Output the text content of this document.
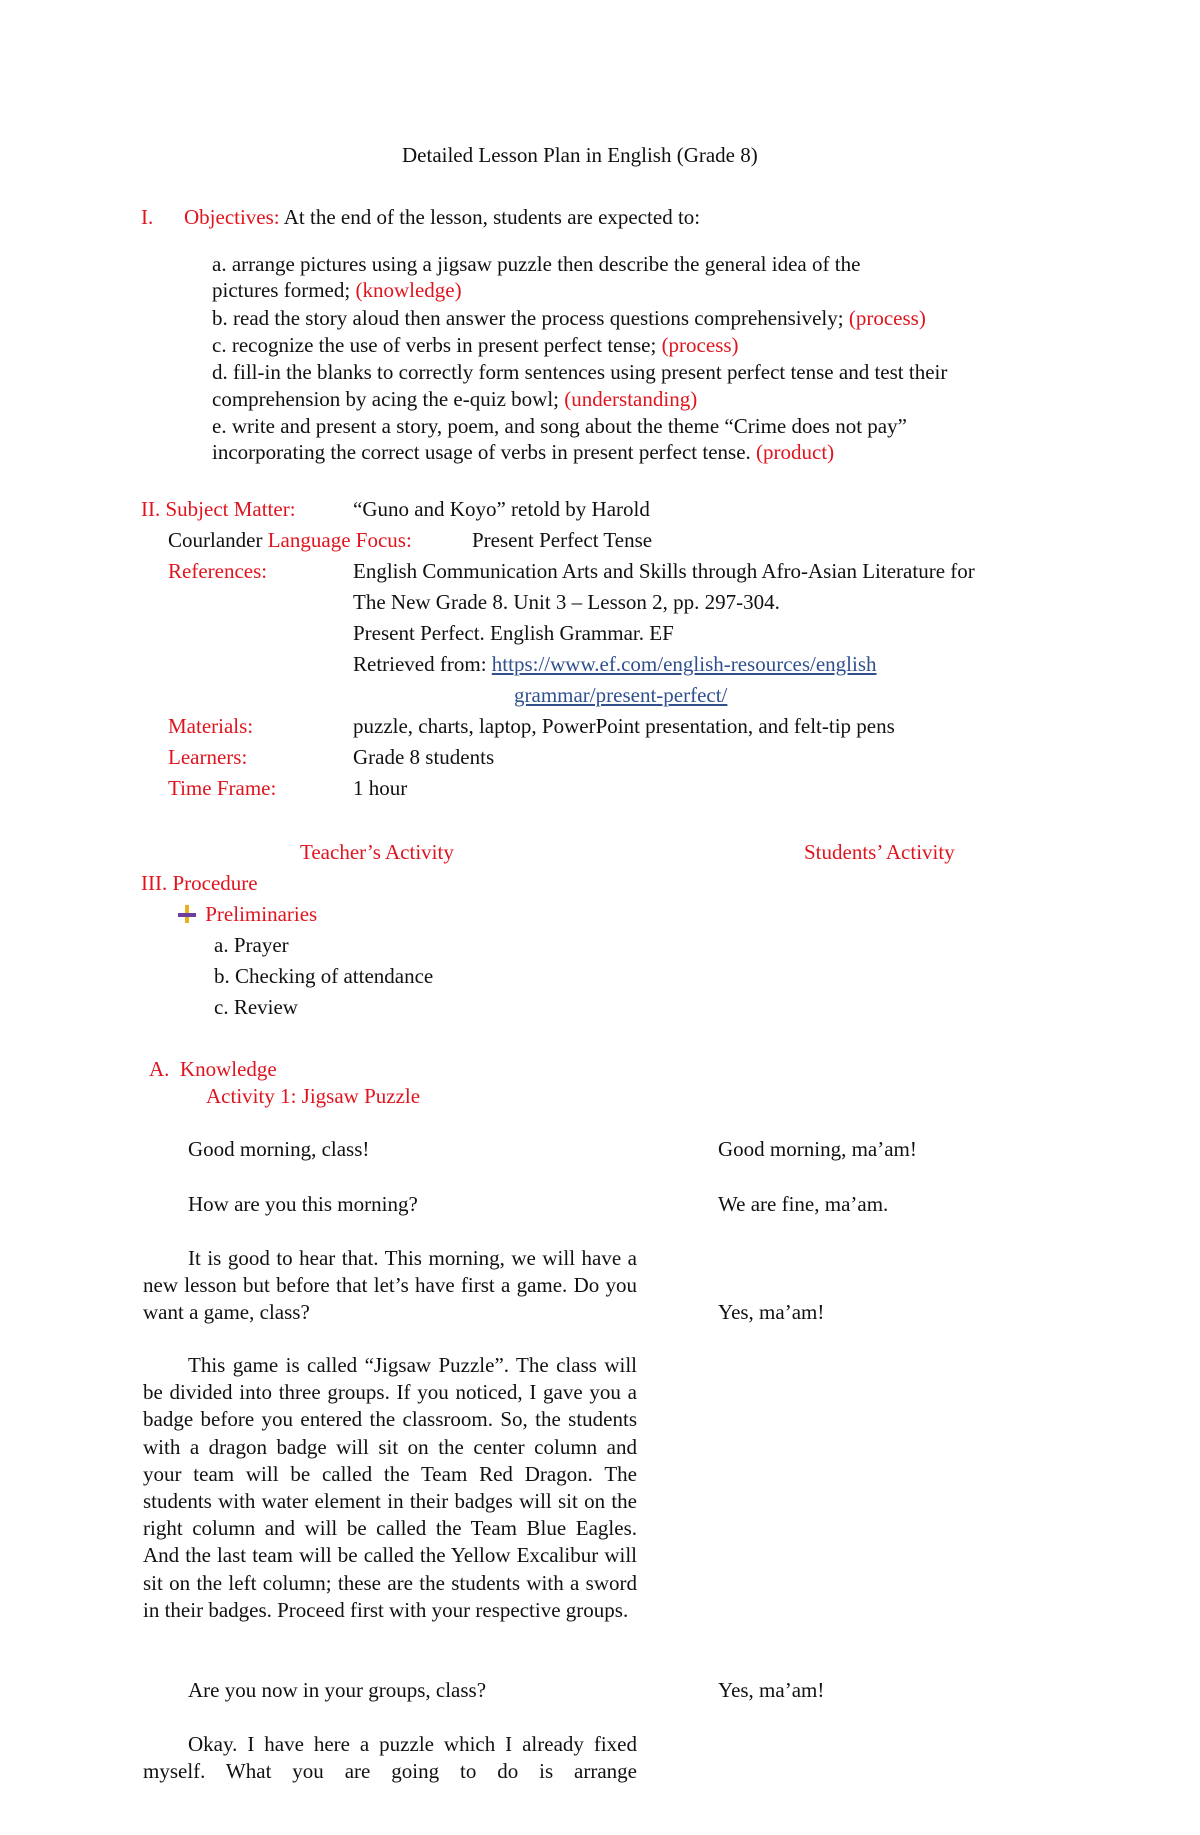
Detailed Lesson Plan in English (Grade 8)
I. Objectives: At the end of the lesson, students are expected to:
a. arrange pictures using a jigsaw puzzle then describe the general idea of the
pictures formed; (knowledge)
b. read the story aloud then answer the process questions comprehensively; (process)
c. recognize the use of verbs in present perfect tense; (process)
d. fill-in the blanks to correctly form sentences using present perfect tense and test their
comprehension by acing the e-quiz bowl; (understanding)
e. write and present a story, poem, and song about the theme “Crime does not pay”
incorporating the correct usage of verbs in present perfect tense. (product)
II. Subject Matter:	“Guno and Koyo” retold by Harold
Courlander Language Focus:	Present Perfect Tense
References:	English Communication Arts and Skills through Afro-Asian Literature for
The New Grade 8. Unit 3 – Lesson 2, pp. 297-304.
Present Perfect. English Grammar. EF
Retrieved from: https://www.ef.com/english-resources/english
grammar/present-perfect/
Materials:	puzzle, charts, laptop, PowerPoint presentation, and felt-tip pens
Learners:	Grade 8 students
Time Frame:	1 hour
Teacher’s Activity	Students’ Activity
III. Procedure
Preliminaries
a. Prayer
b. Checking of attendance
c. Review
A.  Knowledge
Activity 1: Jigsaw Puzzle
Good morning, class!	Good morning, ma’am!
How are you this morning?	We are fine, ma’am.

It is good to hear that. This morning, we will have a new lesson but before that let’s have first a game. Do you want a game, class?	Yes, ma’am!

This game is called “Jigsaw Puzzle”. The class will be divided into three groups. If you noticed, I gave you a badge before you entered the classroom. So, the students with a dragon badge will sit on the center column and your team will be called the Team Red Dragon. The students with water element in their badges will sit on the right column and will be called the Team Blue Eagles. And the last team will be called the Yellow Excalibur will sit on the left column; these are the students with a sword in their badges. Proceed first with your respective groups.

Are you now in your groups, class?	Yes, ma’am!

Okay. I have here a puzzle which I already fixed myself. What you are going to do is arrange
